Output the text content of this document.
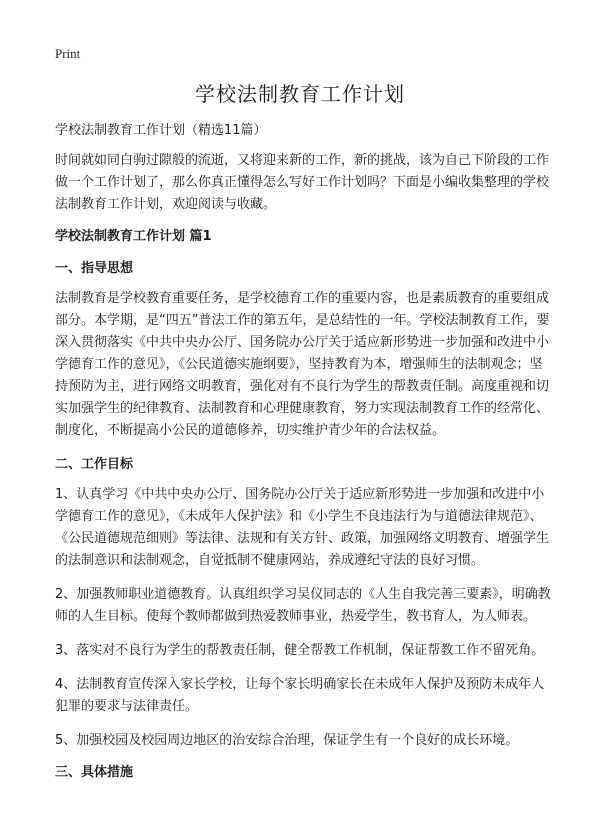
Print
学校法制教育工作计划

学校法制教育工作计划（精选11篇）

时间就如同白驹过隙般的流逝，又将迎来新的工作，新的挑战，该为自己下阶段的工作做一个工作计划了，那么你真正懂得怎么写好工作计划吗？下面是小编收集整理的学校法制教育工作计划，欢迎阅读与收藏。

学校法制教育工作计划 篇1

一、指导思想

法制教育是学校教育重要任务，是学校德育工作的重要内容，也是素质教育的重要组成部分。本学期，是“四五”普法工作的第五年，是总结性的一年。学校法制教育工作，要深入贯彻落实《中共中央办公厅、国务院办公厅关于适应新形势进一步加强和改进中小学德育工作的意见》，《公民道德实施纲要》，坚持教育为本，增强师生的法制观念；坚持预防为主，进行网络文明教育，强化对有不良行为学生的帮教责任制。高度重视和切实加强学生的纪律教育、法制教育和心理健康教育，努力实现法制教育工作的经常化、制度化，不断提高小公民的道德修养，切实维护青少年的合法权益。

二、工作目标

1、认真学习《中共中央办公厅、国务院办公厅关于适应新形势进一步加强和改进中小学德育工作的意见》，《未成年人保护法》和《小学生不良违法行为与道德法律规范》、《公民道德规范细则》等法律、法规和有关方针、政策，加强网络文明教育、增强学生的法制意识和法制观念，自觉抵制不健康网站，养成遵纪守法的良好习惯。

2、加强教师职业道德教育。认真组织学习吴仪同志的《人生自我完善三要素》，明确教师的人生目标。使每个教师都做到热爱教师事业，热爱学生，教书育人，为人师表。

3、落实对不良行为学生的帮教责任制，健全帮教工作机制，保证帮教工作不留死角。

4、法制教育宣传深入家长学校，让每个家长明确家长在未成年人保护及预防未成年人犯罪的要求与法律责任。

5、加强校园及校园周边地区的治安综合治理，保证学生有一个良好的成长环境。

三、具体措施
